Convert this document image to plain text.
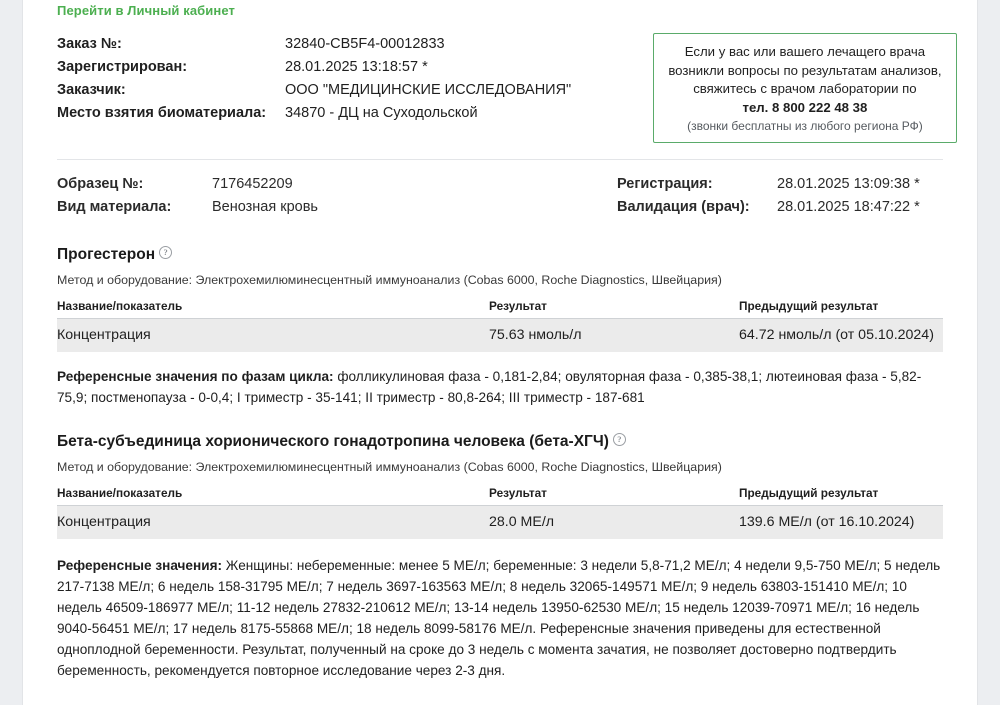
Перейти в Личный кабинет
Заказ №:	32840-CB5F4-00012833
Зарегистрирован:	28.01.2025 13:18:57 *
Заказчик:	ООО "МЕДИЦИНСКИЕ ИССЛЕДОВАНИЯ"
Место взятия биоматериала:	34870 - ДЦ на Суходольской
Если у вас или вашего лечащего врача возникли вопросы по результатам анализов, свяжитесь с врачом лаборатории по тел. 8 800 222 48 38
(звонки бесплатны из любого региона РФ)
Образец №:	7176452209
Вид материала:	Венозная кровь
Регистрация:	28.01.2025 13:09:38 *
Валидация (врач):	28.01.2025 18:47:22 *
Прогестерон ?
Метод и оборудование: Электрохемилюминесцентный иммуноанализ (Cobas 6000, Roche Diagnostics, Швейцария)
Название/показатель	Результат	Предыдущий результат
Концентрация	75.63 нмоль/л	64.72 нмоль/л (от 05.10.2024)
Референсные значения по фазам цикла: фолликулиновая фаза - 0,181-2,84; овуляторная фаза - 0,385-38,1; лютеиновая фаза - 5,82-75,9; постменопауза - 0-0,4; I триместр - 35-141; II триместр - 80,8-264; III триместр - 187-681
Бета-субъединица хорионического гонадотропина человека (бета-ХГЧ) ?
Метод и оборудование: Электрохемилюминесцентный иммуноанализ (Cobas 6000, Roche Diagnostics, Швейцария)
Название/показатель	Результат	Предыдущий результат
Концентрация	28.0 МЕ/л	139.6 МЕ/л (от 16.10.2024)
Референсные значения: Женщины: небеременные: менее 5 МЕ/л; беременные: 3 недели 5,8-71,2 МЕ/л; 4 недели 9,5-750 МЕ/л; 5 недель 217-7138 МЕ/л; 6 недель 158-31795 МЕ/л; 7 недель 3697-163563 МЕ/л; 8 недель 32065-149571 МЕ/л; 9 недель 63803-151410 МЕ/л; 10 недель 46509-186977 МЕ/л; 11-12 недель 27832-210612 МЕ/л; 13-14 недель 13950-62530 МЕ/л; 15 недель 12039-70971 МЕ/л; 16 недель 9040-56451 МЕ/л; 17 недель 8175-55868 МЕ/л; 18 недель 8099-58176 МЕ/л. Референсные значения приведены для естественной одноплодной беременности. Результат, полученный на сроке до 3 недель с момента зачатия, не позволяет достоверно подтвердить беременность, рекомендуется повторное исследование через 2-3 дня.
